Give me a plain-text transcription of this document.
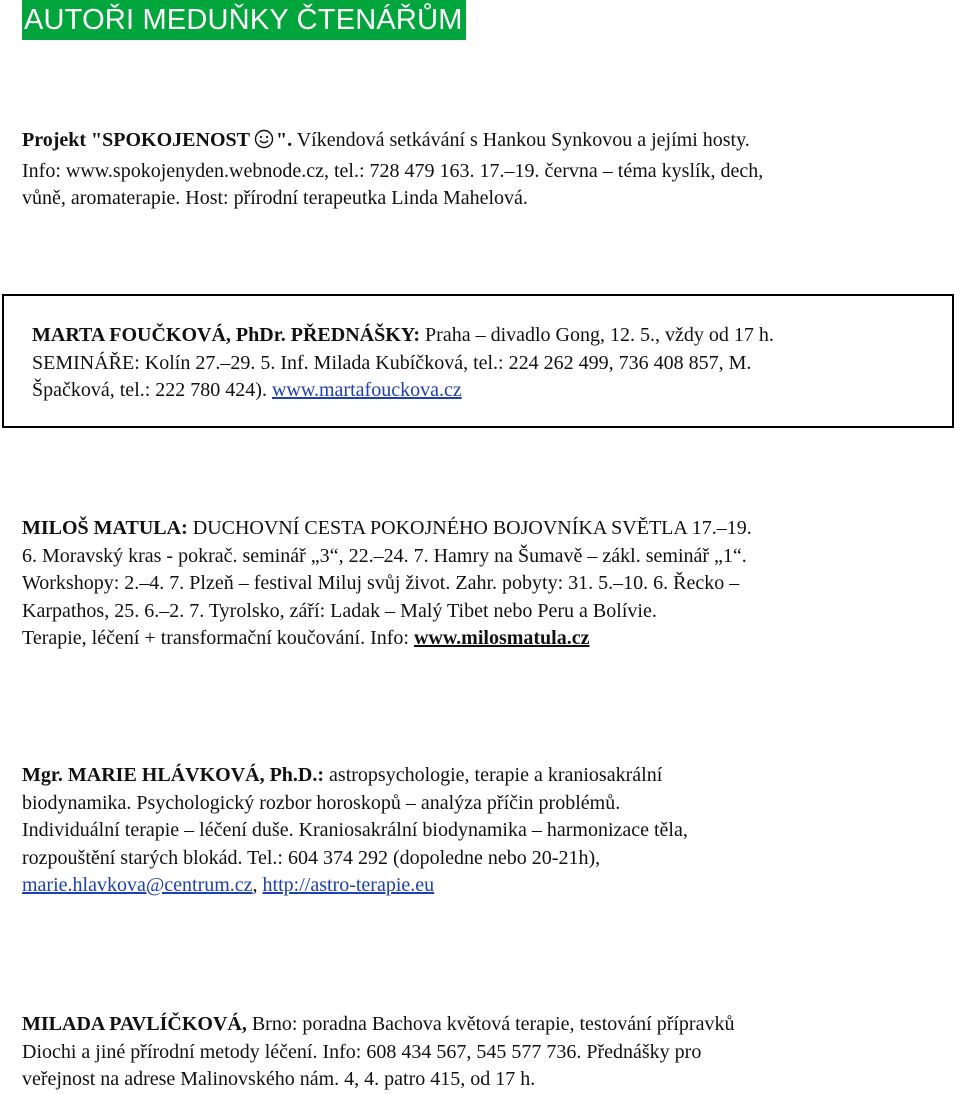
AUTOŘI MEDUŇKY ČTENÁŘŮM
Projekt "SPOKOJENOST ". Víkendová setkávání s Hankou Synkovou a jejími hosty.
Info: www.spokojenyden.webnode.cz, tel.: 728 479 163. 17.–19. června – téma kyslík, dech,
vůně, aromaterapie. Host: přírodní terapeutka Linda Mahelová.
MARTA FOUČKOVÁ, PhDr. PŘEDNÁŠKY: Praha – divadlo Gong, 12. 5., vždy od 17 h.
SEMINÁŘE: Kolín 27.–29. 5. Inf. Milada Kubíčková, tel.: 224 262 499, 736 408 857, M.
Špačková, tel.: 222 780 424). www.martafouckova.cz
MILOŠ MATULA: DUCHOVNÍ CESTA POKOJNÉHO BOJOVNÍKA SVĚTLA 17.–19.
6. Moravský kras - pokrač. seminář „3“, 22.–24. 7. Hamry na Šumavě – zákl. seminář „1“.
Workshopy: 2.–4. 7. Plzeň – festival Miluj svůj život. Zahr. pobyty: 31. 5.–10. 6. Řecko –
Karpathos, 25. 6.–2. 7. Tyrolsko, září: Ladak – Malý Tibet nebo Peru a Bolívie.
Terapie, léčení + transformační koučování. Info: www.milosmatula.cz
Mgr. MARIE HLÁVKOVÁ, Ph.D.: astropsychologie, terapie a kraniosakrální
biodynamika. Psychologický rozbor horoskopů – analýza příčin problémů.
Individuální terapie – léčení duše. Kraniosakrální biodynamika – harmonizace těla,
rozpouštění starých blokád. Tel.: 604 374 292 (dopoledne nebo 20-21h),
marie.hlavkova@centrum.cz, http://astro-terapie.eu
MILADA PAVLÍČKOVÁ, Brno: poradna Bachova květová terapie, testování přípravků
Diochi a jiné přírodní metody léčení. Info: 608 434 567, 545 577 736. Přednášky pro
veřejnost na adrese Malinovského nám. 4, 4. patro 415, od 17 h.
